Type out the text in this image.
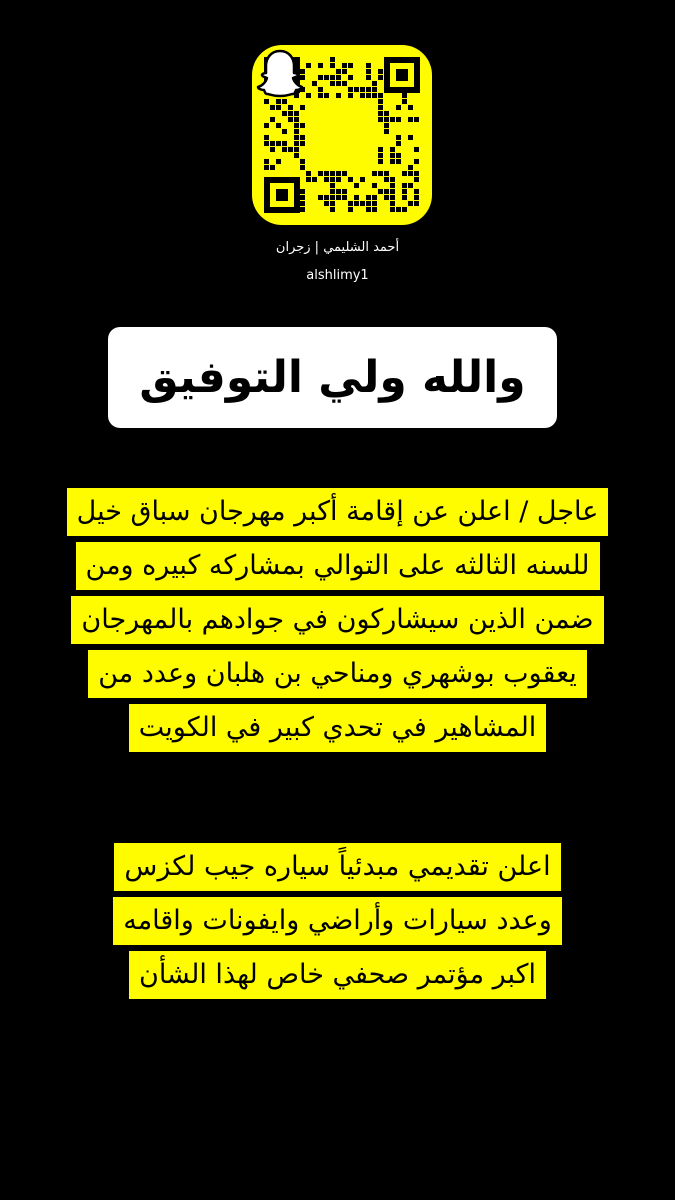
أحمد الشليمي | زجران
alshlimy1
والله ولي التوفيق
عاجل / اعلن عن إقامة أكبر مهرجان سباق خيل
للسنه الثالثه على التوالي بمشاركه كبيره ومن
ضمن الذين سيشاركون في جوادهم بالمهرجان
يعقوب بوشهري ومناحي بن هلبان وعدد من
المشاهير في تحدي كبير في الكويت
اعلن تقديمي مبدئياً سياره جيب لكزس
وعدد سيارات وأراضي وايفونات واقامه
اكبر مؤتمر صحفي خاص لهذا الشأن
